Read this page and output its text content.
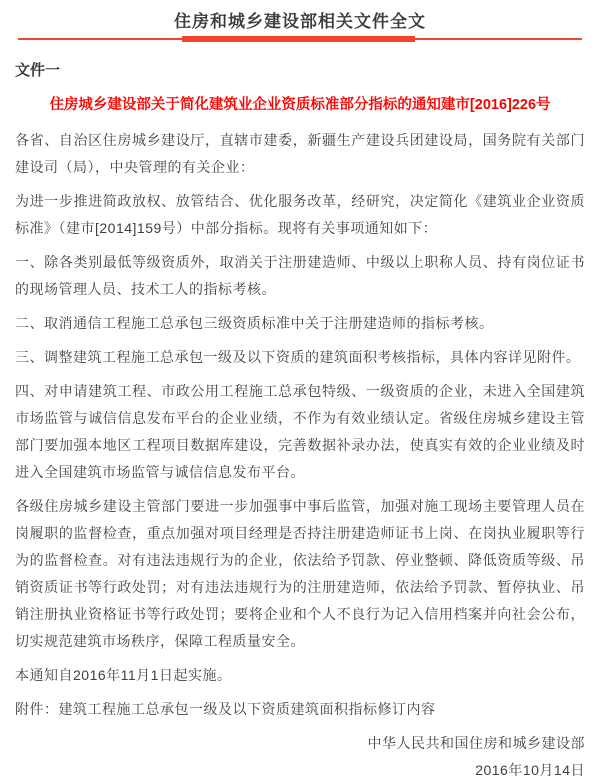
住房和城乡建设部相关文件全文
文件一
住房城乡建设部关于简化建筑业企业资质标准部分指标的通知建市[2016]226号

各省、自治区住房城乡建设厅，直辖市建委，新疆生产建设兵团建设局，国务院有关部门建设司（局），中央管理的有关企业：

为进一步推进简政放权、放管结合、优化服务改革，经研究，决定简化《建筑业企业资质标准》（建市[2014]159号）中部分指标。现将有关事项通知如下：

一、除各类别最低等级资质外，取消关于注册建造师、中级以上职称人员、持有岗位证书的现场管理人员、技术工人的指标考核。

二、取消通信工程施工总承包三级资质标准中关于注册建造师的指标考核。

三、调整建筑工程施工总承包一级及以下资质的建筑面积考核指标，具体内容详见附件。

四、对申请建筑工程、市政公用工程施工总承包特级、一级资质的企业，未进入全国建筑市场监管与诚信信息发布平台的企业业绩，不作为有效业绩认定。省级住房城乡建设主管部门要加强本地区工程项目数据库建设，完善数据补录办法，使真实有效的企业业绩及时进入全国建筑市场监管与诚信信息发布平台。

各级住房城乡建设主管部门要进一步加强事中事后监管，加强对施工现场主要管理人员在岗履职的监督检查，重点加强对项目经理是否持注册建造师证书上岗、在岗执业履职等行为的监督检查。对有违法违规行为的企业，依法给予罚款、停业整顿、降低资质等级、吊销资质证书等行政处罚；对有违法违规行为的注册建造师，依法给予罚款、暂停执业、吊销注册执业资格证书等行政处罚；要将企业和个人不良行为记入信用档案并向社会公布，切实规范建筑市场秩序，保障工程质量安全。

本通知自2016年11月1日起实施。

附件：建筑工程施工总承包一级及以下资质建筑面积指标修订内容

中华人民共和国住房和城乡建设部
2016年10月14日
